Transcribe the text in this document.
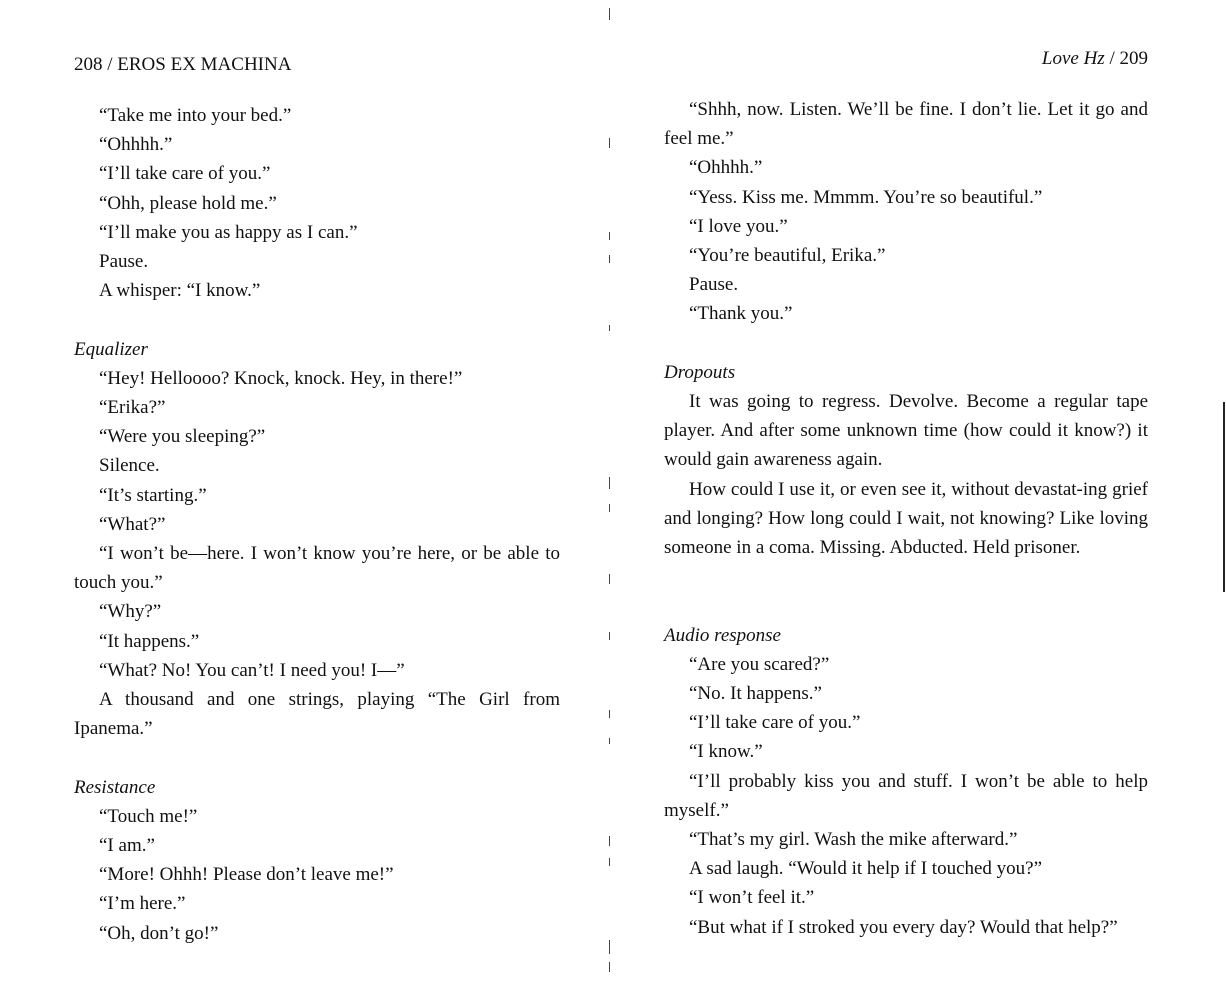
208 / EROS EX MACHINA

“Take me into your bed.”

“Ohhhh.”

“I’ll take care of you.”

“Ohh, please hold me.”

“I’ll make you as happy as I can.”

Pause.

A whisper: “I know.”

Equalizer

“Hey! Helloooo? Knock, knock. Hey, in there!”

“Erika?”

“Were you sleeping?”

Silence.

“It’s starting.”

“What?”

“I won’t be—here. I won’t know you’re here, or be able to touch you.”

“Why?”

“It happens.”

“What? No! You can’t! I need you! I—”

A thousand and one strings, playing “The Girl from Ipanema.”

Resistance

“Touch me!”

“I am.”

“More! Ohhh! Please don’t leave me!”

“I’m here.”

“Oh, don’t go!”

Love Hz / 209

“Shhh, now. Listen. We’ll be fine. I don’t lie. Let it go and feel me.”

“Ohhhh.”

“Yess. Kiss me. Mmmm. You’re so beautiful.”

“I love you.”

“You’re beautiful, Erika.”

Pause.

“Thank you.”

Dropouts

It was going to regress. Devolve. Become a regular tape player. And after some unknown time (how could it know?) it would gain awareness again.

How could I use it, or even see it, without devastat-ing grief and longing? How long could I wait, not knowing? Like loving someone in a coma. Missing. Abducted. Held prisoner.

Audio response

“Are you scared?”

“No. It happens.”

“I’ll take care of you.”

“I know.”

“I’ll probably kiss you and stuff. I won’t be able to help myself.”

“That’s my girl. Wash the mike afterward.”

A sad laugh. “Would it help if I touched you?”

“I won’t feel it.”

“But what if I stroked you every day? Would that help?”
